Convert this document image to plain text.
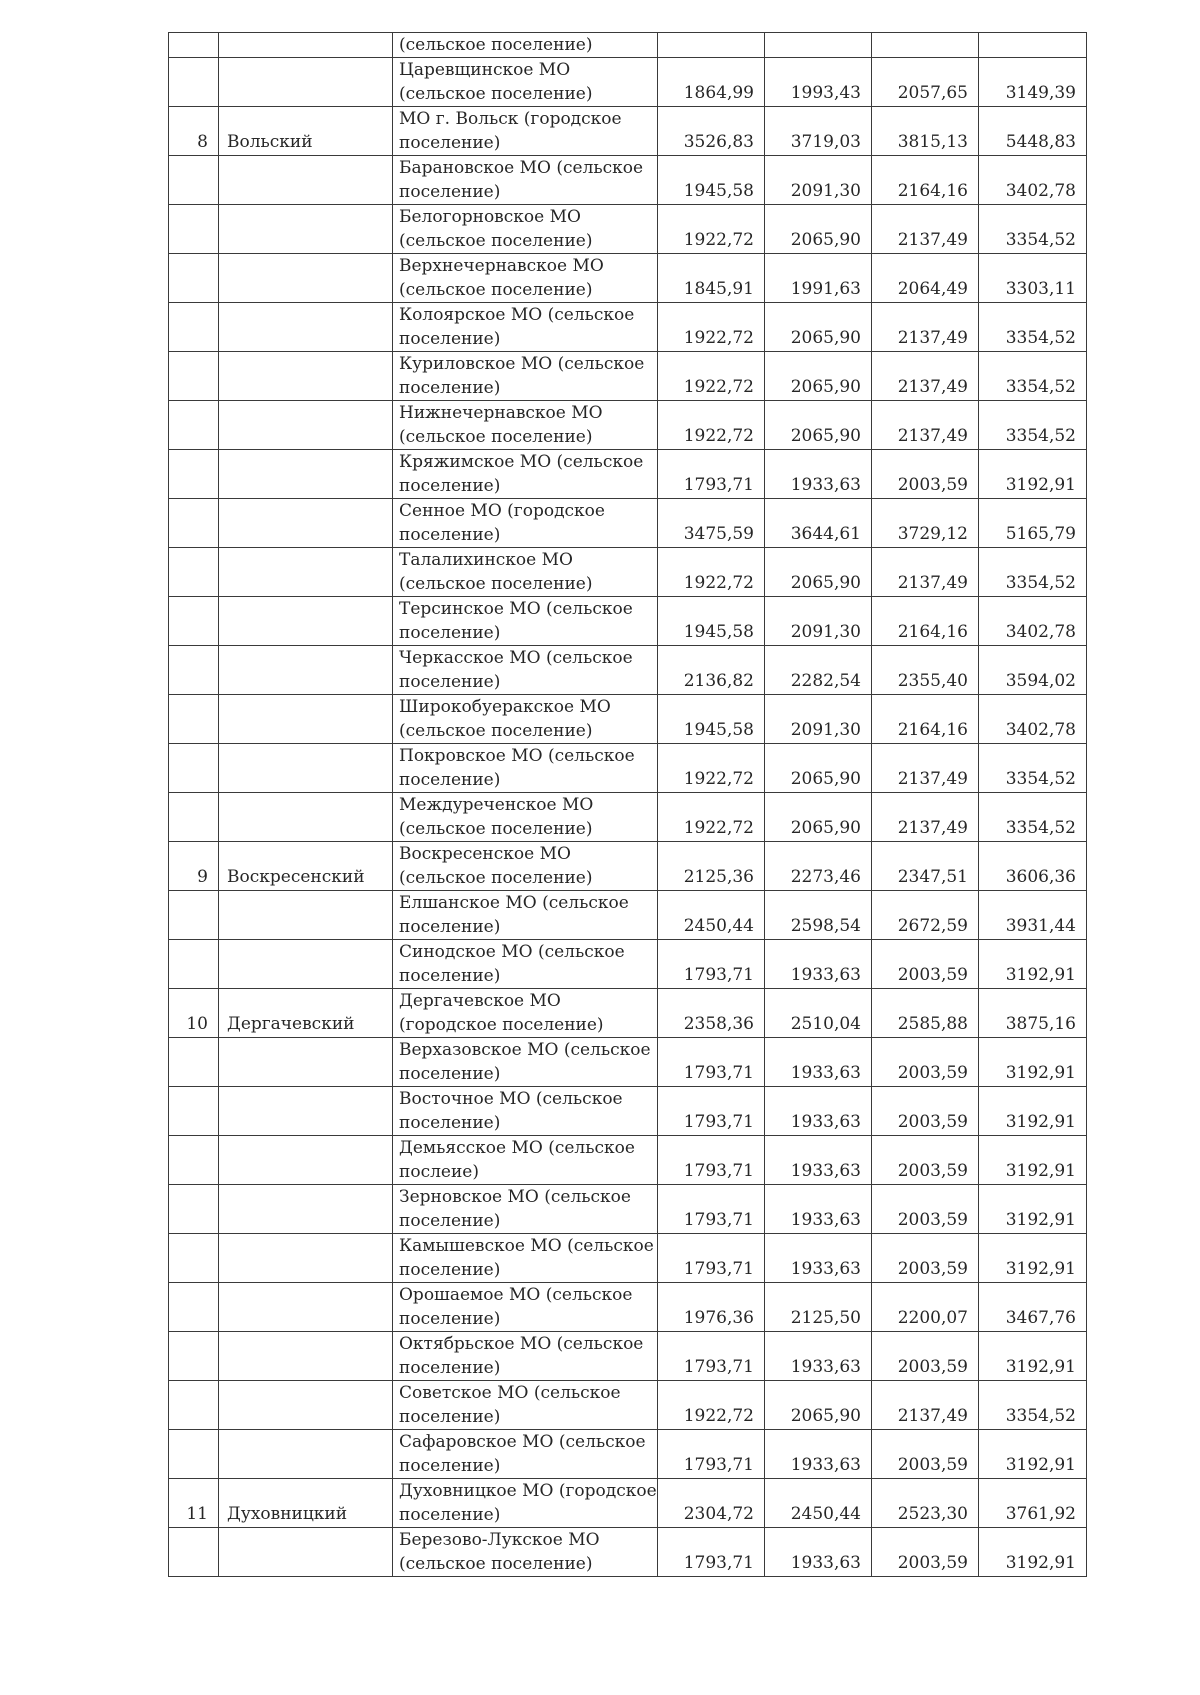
		(сельское поселение)				

		Царевщинское МО (сельское поселение)	1864,99	1993,43	2057,65	3149,39
8	Вольский	МО г. Вольск (городское поселение)	3526,83	3719,03	3815,13	5448,83

		Барановское МО (сельское поселение)	1945,58	2091,30	2164,16	3402,78

		Белогорновское МО (сельское поселение)	1922,72	2065,90	2137,49	3354,52

		Верхнечернавское МО (сельское поселение)	1845,91	1991,63	2064,49	3303,11

		Колоярское МО (сельское поселение)	1922,72	2065,90	2137,49	3354,52

		Куриловское МО (сельское поселение)	1922,72	2065,90	2137,49	3354,52

		Нижнечернавское МО (сельское поселение)	1922,72	2065,90	2137,49	3354,52

		Кряжимское МО (сельское поселение)	1793,71	1933,63	2003,59	3192,91

		Сенное МО (городское поселение)	3475,59	3644,61	3729,12	5165,79

		Талалихинское МО (сельское поселение)	1922,72	2065,90	2137,49	3354,52

		Терсинское МО (сельское поселение)	1945,58	2091,30	2164,16	3402,78

		Черкасское МО (сельское поселение)	2136,82	2282,54	2355,40	3594,02

		Широкобуеракское МО (сельское поселение)	1945,58	2091,30	2164,16	3402,78

		Покровское МО (сельское поселение)	1922,72	2065,90	2137,49	3354,52

		Междуреченское МО (сельское поселение)	1922,72	2065,90	2137,49	3354,52
9	Воскресенский	Воскресенское МО (сельское поселение)	2125,36	2273,46	2347,51	3606,36

		Елшанское МО (сельское поселение)	2450,44	2598,54	2672,59	3931,44

		Синодское МО (сельское поселение)	1793,71	1933,63	2003,59	3192,91
10	Дергачевский	Дергачевское МО (городское поселение)	2358,36	2510,04	2585,88	3875,16

		Верхазовское МО (сельское поселение)	1793,71	1933,63	2003,59	3192,91

		Восточное МО (сельское поселение)	1793,71	1933,63	2003,59	3192,91

		Демьясское МО (сельское послеие)	1793,71	1933,63	2003,59	3192,91

		Зерновское МО (сельское поселение)	1793,71	1933,63	2003,59	3192,91

		Камышевское МО (сельское поселение)	1793,71	1933,63	2003,59	3192,91

		Орошаемое МО (сельское поселение)	1976,36	2125,50	2200,07	3467,76

		Октябрьское МО (сельское поселение)	1793,71	1933,63	2003,59	3192,91

		Советское МО (сельское поселение)	1922,72	2065,90	2137,49	3354,52

		Сафаровское МО (сельское поселение)	1793,71	1933,63	2003,59	3192,91
11	Духовницкий	Духовницкое МО (городское поселение)	2304,72	2450,44	2523,30	3761,92

		Березово-Лукское МО (сельское поселение)	1793,71	1933,63	2003,59	3192,91
